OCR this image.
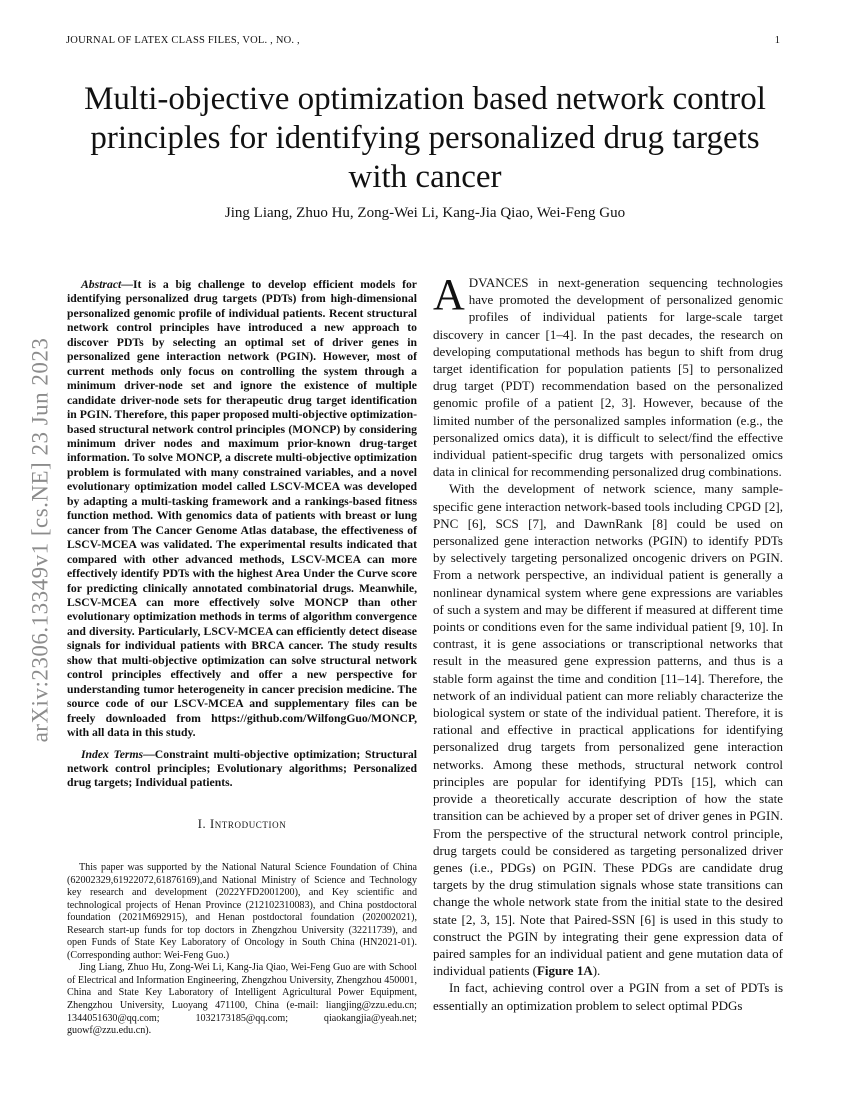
JOURNAL OF LATEX CLASS FILES, VOL. , NO. ,	1
Multi-objective optimization based network control principles for identifying personalized drug targets with cancer
Jing Liang, Zhuo Hu, Zong-Wei Li, Kang-Jia Qiao, Wei-Feng Guo
arXiv:2306.13349v1 [cs.NE] 23 Jun 2023
Abstract—It is a big challenge to develop efficient models for identifying personalized drug targets (PDTs) from high-dimensional personalized genomic profile of individual patients. Recent structural network control principles have introduced a new approach to discover PDTs by selecting an optimal set of driver genes in personalized gene interaction network (PGIN). However, most of current methods only focus on controlling the system through a minimum driver-node set and ignore the existence of multiple candidate driver-node sets for therapeutic drug target identification in PGIN. Therefore, this paper proposed multi-objective optimization-based structural network control principles (MONCP) by considering minimum driver nodes and maximum prior-known drug-target information. To solve MONCP, a discrete multi-objective optimization problem is formulated with many constrained variables, and a novel evolutionary optimization model called LSCV-MCEA was developed by adapting a multi-tasking framework and a rankings-based fitness function method. With genomics data of patients with breast or lung cancer from The Cancer Genome Atlas database, the effectiveness of LSCV-MCEA was validated. The experimental results indicated that compared with other advanced methods, LSCV-MCEA can more effectively identify PDTs with the highest Area Under the Curve score for predicting clinically annotated combinatorial drugs. Meanwhile, LSCV-MCEA can more effectively solve MONCP than other evolutionary optimization methods in terms of algorithm convergence and diversity. Particularly, LSCV-MCEA can efficiently detect disease signals for individual patients with BRCA cancer. The study results show that multi-objective optimization can solve structural network control principles effectively and offer a new perspective for understanding tumor heterogeneity in cancer precision medicine. The source code of our LSCV-MCEA and supplementary files can be freely downloaded from https://github.com/WilfongGuo/MONCP, with all data in this study.
Index Terms—Constraint multi-objective optimization; Structural network control principles; Evolutionary algorithms; Personalized drug targets; Individual patients.
I. Introduction

This paper was supported by the National Natural Science Foundation of China (62002329,61922072,61876169),and National Ministry of Science and Technology key research and development (2022YFD2001200), and Key scientific and technological projects of Henan Province (212102310083), and China postdoctoral foundation (2021M692915), and Henan postdoctoral foundation (202002021), Research start-up funds for top doctors in Zhengzhou University (32211739), and open Funds of State Key Laboratory of Oncology in South China (HN2021-01). (Corresponding author: Wei-Feng Guo.)

Jing Liang, Zhuo Hu, Zong-Wei Li, Kang-Jia Qiao, Wei-Feng Guo are with School of Electrical and Information Engineering, Zhengzhou University, Zhengzhou 450001, China and State Key Laboratory of Intelligent Agricultural Power Equipment, Zhengzhou University, Luoyang 471100, China (e-mail: liangjing@zzu.edu.cn; 1344051630@qq.com; 1032173185@qq.com; qiaokangjia@yeah.net; guowf@zzu.edu.cn).

ADVANCES in next-generation sequencing technologies have promoted the development of personalized genomic profiles of individual patients for large-scale target discovery in cancer [1–4]. In the past decades, the research on developing computational methods has begun to shift from drug target identification for population patients [5] to personalized drug target (PDT) recommendation based on the personalized genomic profile of a patient [2, 3]. However, because of the limited number of the personalized samples information (e.g., the personalized omics data), it is difficult to select/find the effective individual patient-specific drug targets with personalized omics data in clinical for recommending personalized drug combinations.

With the development of network science, many sample-specific gene interaction network-based tools including CPGD [2], PNC [6], SCS [7], and DawnRank [8] could be used on personalized gene interaction networks (PGIN) to identify PDTs by selectively targeting personalized oncogenic drivers on PGIN. From a network perspective, an individual patient is generally a nonlinear dynamical system where gene expressions are variables of such a system and may be different if measured at different time points or conditions even for the same individual patient [9, 10]. In contrast, it is gene associations or transcriptional networks that result in the measured gene expression patterns, and thus is a stable form against the time and condition [11–14]. Therefore, the network of an individual patient can more reliably characterize the biological system or state of the individual patient. Therefore, it is rational and effective in practical applications for identifying personalized drug targets from personalized gene interaction networks. Among these methods, structural network control principles are popular for identifying PDTs [15], which can provide a theoretically accurate description of how the state transition can be achieved by a proper set of driver genes in PGIN. From the perspective of the structural network control principle, drug targets could be considered as targeting personalized driver genes (i.e., PDGs) on PGIN. These PDGs are candidate drug targets by the drug stimulation signals whose state transitions can change the whole network state from the initial state to the desired state [2, 3, 15]. Note that Paired-SSN [6] is used in this study to construct the PGIN by integrating their gene expression data of paired samples for an individual patient and gene mutation data of individual patients (Figure 1A).

In fact, achieving control over a PGIN from a set of PDTs is essentially an optimization problem to select optimal PDGs
